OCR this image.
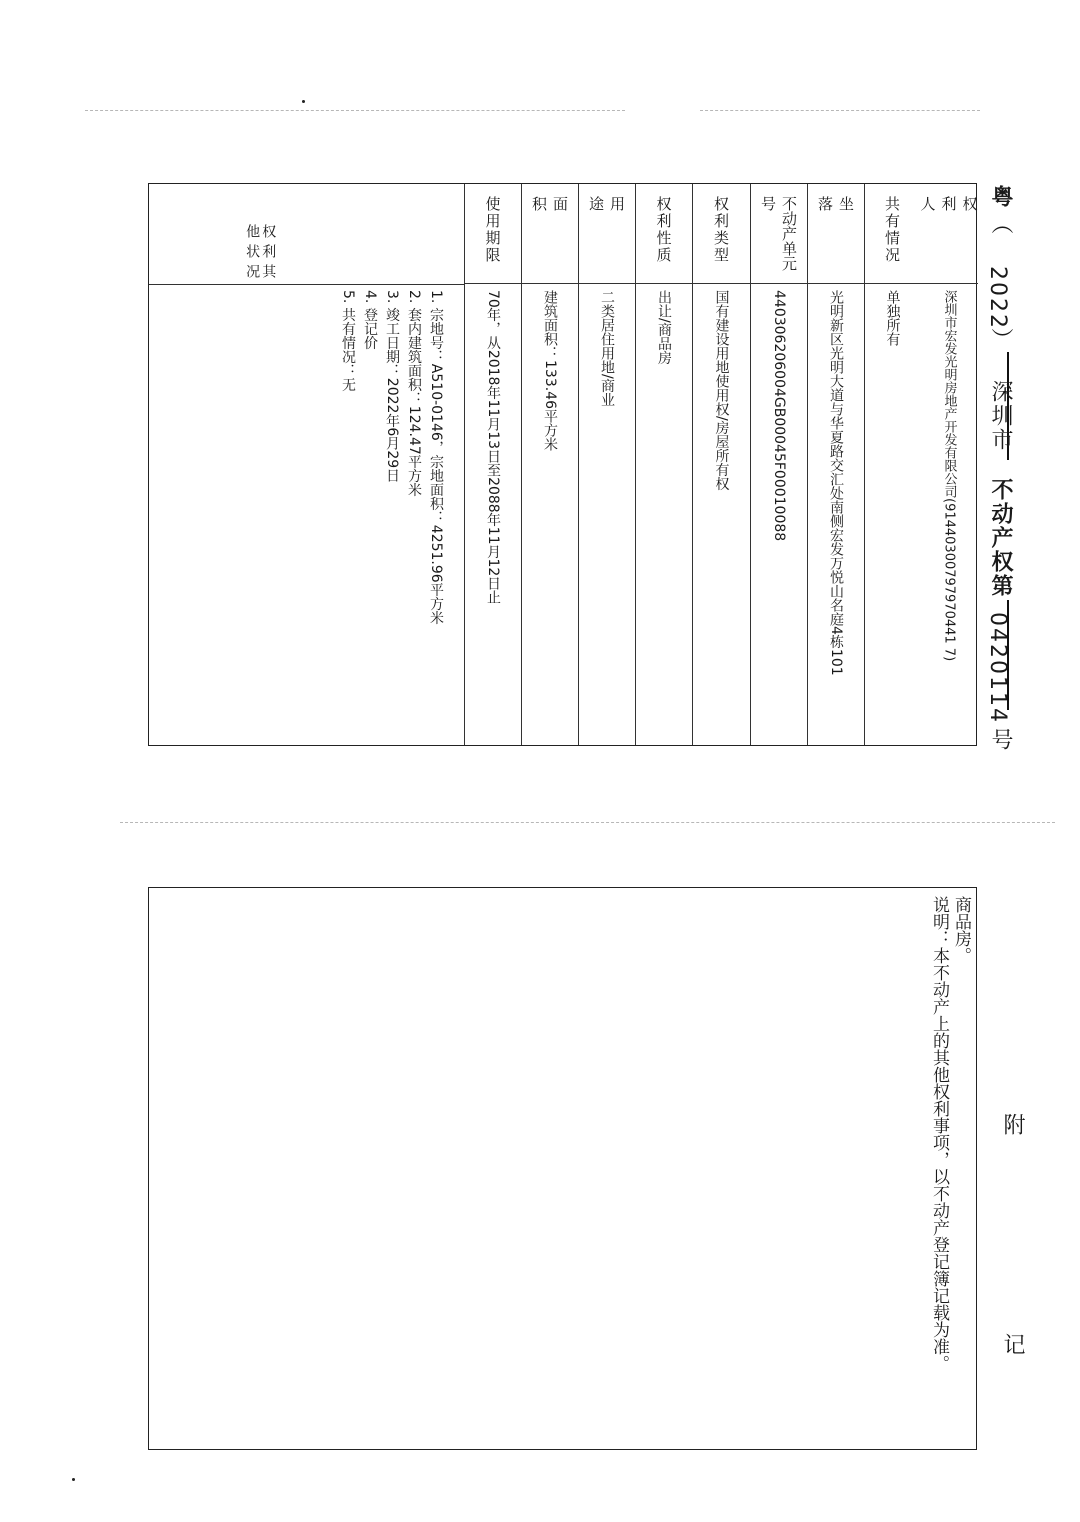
粤
（
2022
）
深圳市
不动产权第
0420114
号
权　利　人
深圳市宏发光明房地产开发有限公司(91440300797970441 7)
共有情况
单独所有
坐　　落
光明新区光明大道与华夏路交汇处南侧宏发万悦山名庭4栋101
不动产单元号
440306206004GB00045F00010088
权利类型
国有建设用地使用权/房屋所有权
权利性质
出让/商品房
用　　途
二类居住用地/商业
面　　积
建筑面积：133.46平方米
使用期限
70年，从2018年11月13日至2088年11月12日止
权利其他状况
1. 宗地号：A510-0146，宗地面积：4251.96平方米
2. 套内建筑面积：124.47平方米
3. 竣工日期：2022年6月29日
4. 登记价
5. 共有情况：无
附　　　　　　　　　记
商品房。
说明：本不动产上的其他权利事项，以不动产登记簿记载为准。
